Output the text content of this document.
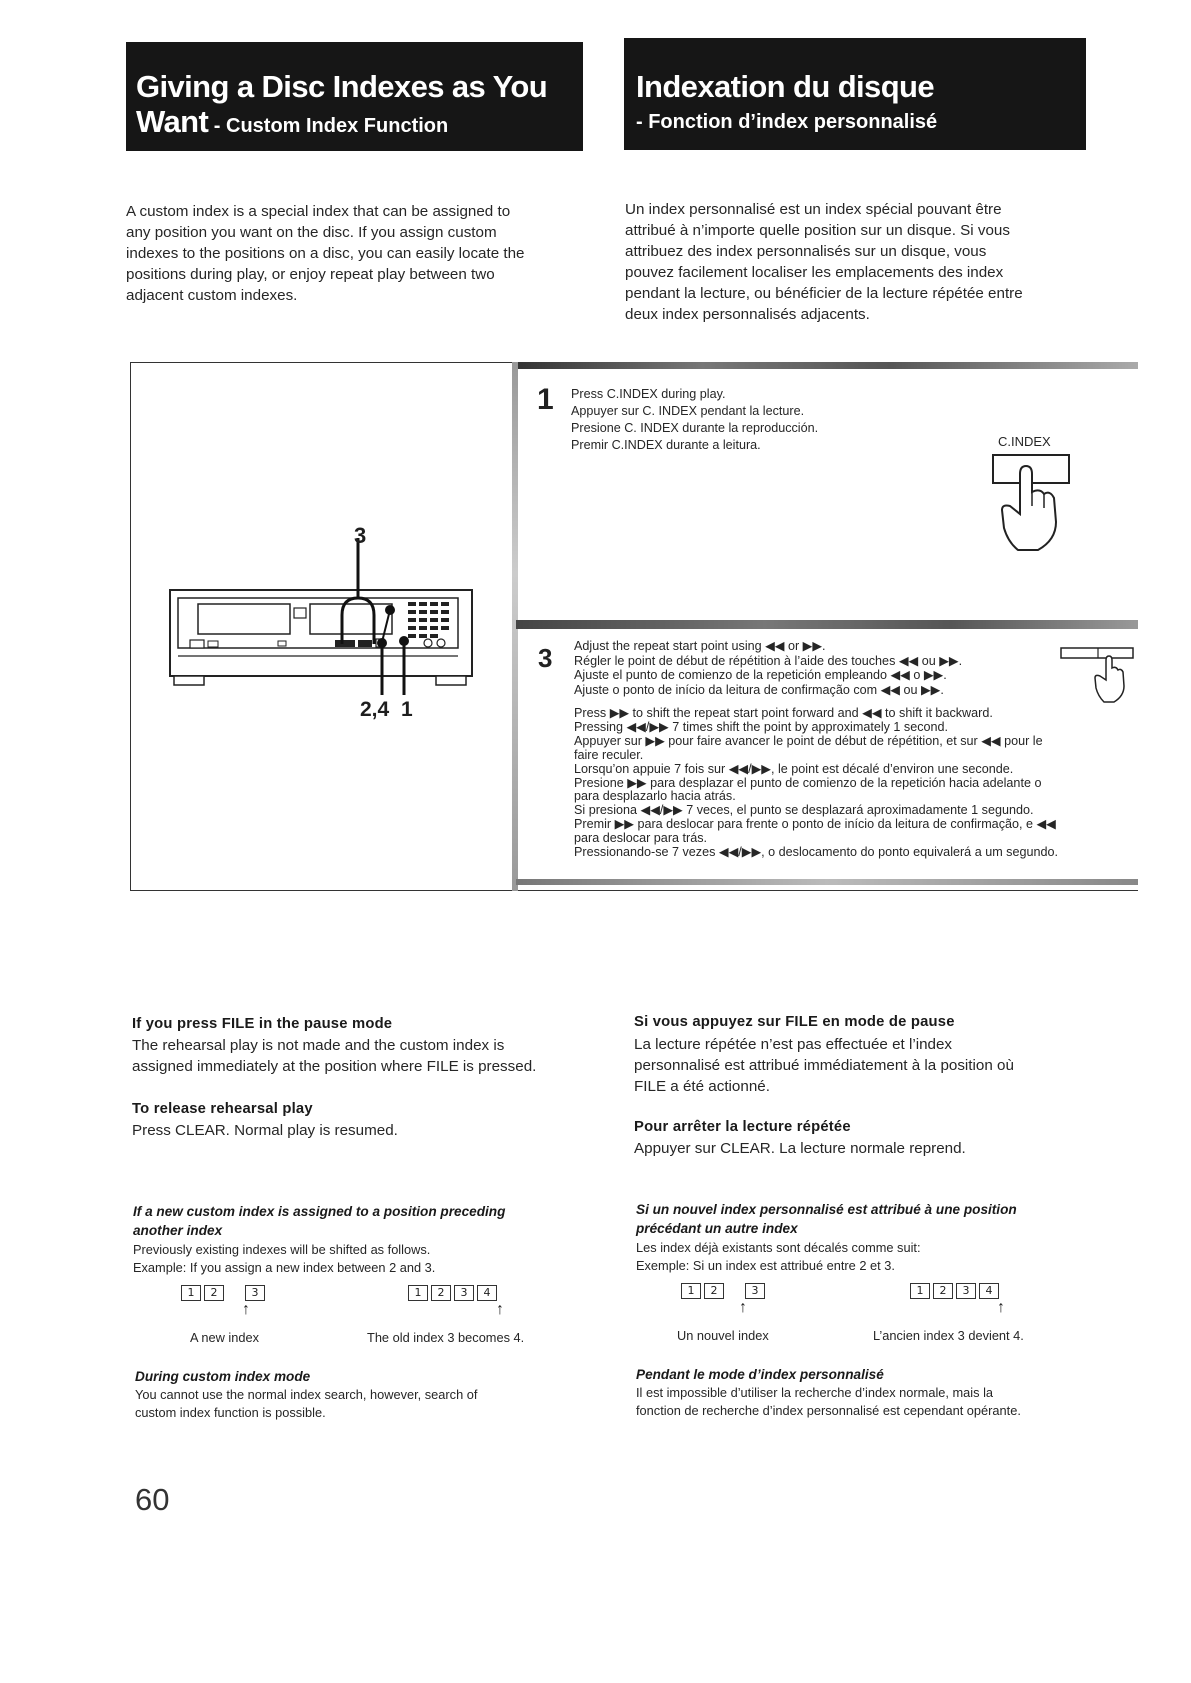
Giving a Disc Indexes as You
Want - Custom Index Function
Indexation du disque
- Fonction d’index personnalisé
A custom index is a special index that can be assigned to
any position you want on the disc. If you assign custom
indexes to the positions on a disc, you can easily locate the
positions during play, or enjoy repeat play between two
adjacent custom indexes.
Un index personnalisé est un index spécial pouvant être
attribué à n’importe quelle position sur un disque. Si vous
attribuez des index personnalisés sur un disque, vous
pouvez facilement localiser les emplacements des index
pendant la lecture, ou bénéficier de la lecture répétée entre
deux index personnalisés adjacents.
3
2,4 1
1 Press C.INDEX during play.
Appuyer sur C. INDEX pendant la lecture.
Presione C. INDEX durante la reproducción.
Premir C.INDEX durante a leitura.	C.INDEX
3 Adjust the repeat start point using ◀◀ or ▶▶.
Régler le point de début de répétition à l’aide des touches ◀◀ ou ▶▶.
Ajuste el punto de comienzo de la repetición empleando ◀◀ o ▶▶.
Ajuste o ponto de início da leitura de confirmação com ◀◀ ou ▶▶.
Press ▶▶ to shift the repeat start point forward and ◀◀ to shift it backward.
Pressing ◀◀/▶▶ 7 times shift the point by approximately 1 second.
Appuyer sur ▶▶ pour faire avancer le point de début de répétition, et sur ◀◀ pour le
faire reculer.
Lorsqu’on appuie 7 fois sur ◀◀/▶▶, le point est décalé d’environ une seconde.
Presione ▶▶ para desplazar el punto de comienzo de la repetición hacia adelante o
para desplazarlo hacia atrás.
Si presiona ◀◀/▶▶ 7 veces, el punto se desplazará aproximadamente 1 segundo.
Premir ▶▶ para deslocar para frente o ponto de início da leitura de confirmação, e ◀◀
para deslocar para trás.
Pressionando-se 7 vezes ◀◀/▶▶, o deslocamento do ponto equivalerá a um segundo.
If you press FILE in the pause mode
The rehearsal play is not made and the custom index is
assigned immediately at the position where FILE is pressed.
To release rehearsal play
Press CLEAR. Normal play is resumed.
If a new custom index is assigned to a position preceding
another index
Previously existing indexes will be shifted as follows.
Example: If you assign a new index between 2 and 3.
1 2	3
↑
A new index
1 2 3 4
↑
The old index 3 becomes 4.
During custom index mode
You cannot use the normal index search, however, search of
custom index function is possible.
Si vous appuyez sur FILE en mode de pause
La lecture répétée n’est pas effectuée et l’index
personnalisé est attribué immédiatement à la position où
FILE a été actionné.
Pour arrêter la lecture répétée
Appuyer sur CLEAR. La lecture normale reprend.
Si un nouvel index personnalisé est attribué à une position
précédant un autre index
Les index déjà existants sont décalés comme suit:
Exemple: Si un index est attribué entre 2 et 3.
1 2	3
↑
Un nouvel index
1 2 3 4
↑
L’ancien index 3 devient 4.
Pendant le mode d’index personnalisé
Il est impossible d’utiliser la recherche d’index normale, mais la
fonction de recherche d’index personnalisé est cependant opérante.
60
